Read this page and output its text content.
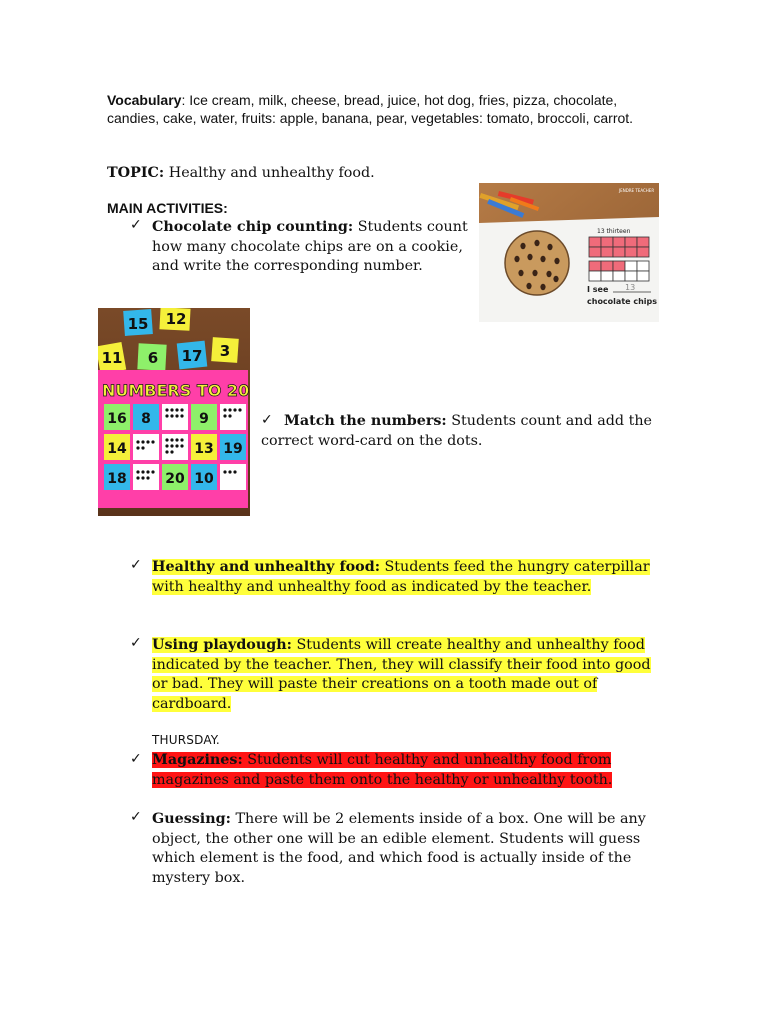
Vocabulary: Ice cream, milk, cheese, bread, juice, hot dog, fries, pizza, chocolate, candies, cake, water, fruits: apple, banana, pear, vegetables: tomato, broccoli, carrot.

TOPIC: Healthy and unhealthy food.

MAIN ACTIVITIES:

✓ Chocolate chip counting: Students count how many chocolate chips are on a cookie, and write the corresponding number.

13 thirteen
I see 13
chocolate chips
JENDRE TEACHER
15 12
11 6 17 3
NUMBERS TO 20
16 8	9
14	13 19
18	20 10
✓ Match the numbers: Students count and add the correct word-card on the dots.

✓ Healthy and unhealthy food: Students feed the hungry caterpillar with healthy and unhealthy food as indicated by the teacher.

✓ Using playdough: Students will create healthy and unhealthy food indicated by the teacher. Then, they will classify their food into good or bad. They will paste their creations on a tooth made out of cardboard.

THURSDAY.

✓ Magazines: Students will cut healthy and unhealthy food from magazines and paste them onto the healthy or unhealthy tooth.

✓ Guessing: There will be 2 elements inside of a box. One will be any object, the other one will be an edible element. Students will guess which element is the food, and which food is actually inside of the mystery box.
